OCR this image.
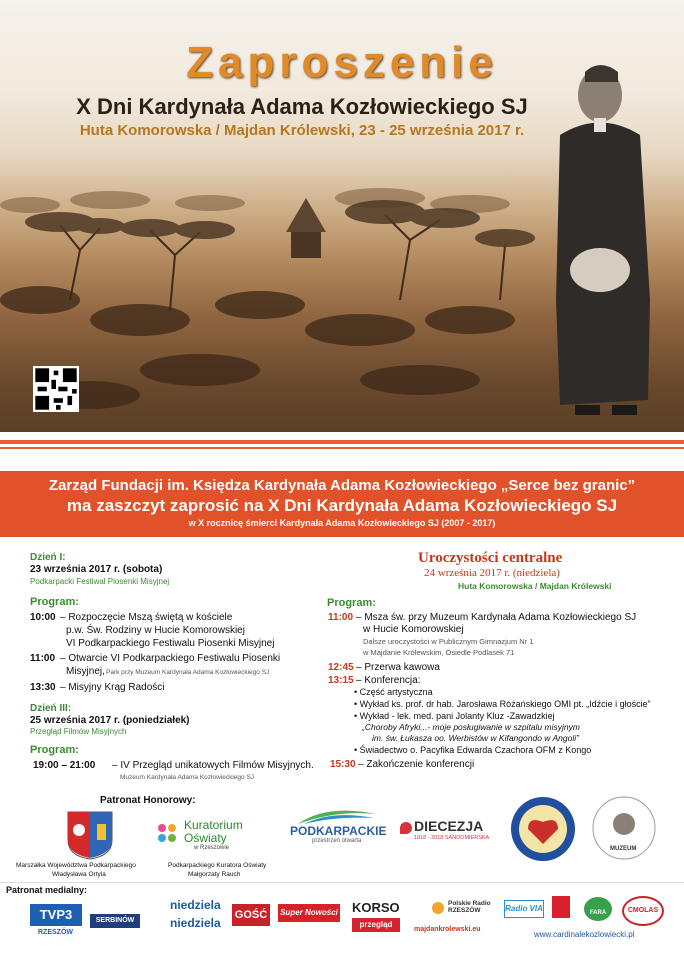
Zaproszenie
X Dni Kardynała Adama Kozłowieckiego SJ
Huta Komorowska / Majdan Królewski, 23 - 25 września 2017 r.
Zarząd Fundacji im. Księdza Kardynała Adama Kozłowieckiego „Serce bez granic”
ma zaszczyt zaprosić na X Dni Kardynała Adama Kozłowieckiego SJ
w X rocznicę śmierci Kardynała Adama Kozłowieckiego SJ (2007 - 2017)
Dzień I:
23 września 2017 r. (sobota)
Podkarpacki Festiwal Piosenki Misyjnej
Program:
10:00 – Rozpoczęcie Mszą świętą w kościele
p.w. Św. Rodziny w Hucie Komorowskiej
VI Podkarpackiego Festiwalu Piosenki Misyjnej
11:00 – Otwarcie VI Podkarpackiego Festiwalu Piosenki
Misyjnej, Park przy Muzeum Kardynała Adama Kozłowieckiego SJ
13:30 – Misyjny Krąg Radości
Dzień III:
25 września 2017 r. (poniedziałek)
Przegląd Filmów Misyjnych
Program:
19:00 – 21:00 – IV Przegląd unikatowych Filmów Misyjnych.
Muzeum Kardynała Adama Kozłowieckiego SJ
Uroczystości centralne
24 września 2017 r. (niedziela)
Huta Komorowska / Majdan Królewski
Program:
11:00 – Msza św. przy Muzeum Kardynała Adama Kozłowieckiego SJ
w Hucie Komorowskiej
Dalsze uroczystości w Publicznym Gimnazjum Nr 1
w Majdanie Królewskim, Osiedle Podlasek 71
12:45 – Przerwa kawowa
13:15 – Konferencja:
• Część artystyczna
• Wykład ks. prof. dr hab. Jarosława Różańskiego OMI pt. „Idźcie i głoście”
• Wykład - lek. med. pani Jolanty Kluz -Zawadzkiej
„Choroby Afryki...- moje posługiwanie w szpitalu misyjnym
im. św. Łukasza oo. Werbistów w Kifangondo w Angoli”
• Świadectwo o. Pacyfika Edwarda Czachora OFM z Kongo
15:30 – Zakończenie konferencji
Patronat Honorowy:
Marszałka Województwa Podkarpackiego
Władysława Ortyla
Kuratorium
Oświaty
w Rzeszowie
Podkarpackiego Kuratora Oświaty
Małgorzaty Rauch
PODKARPACKIE
przestrzeń otwarta
DIECEZJA
1818 - 2018 SANDOMIERSKA
MUZEUM
Patronat medialny:
TVP3
RZESZÓW
SERBINÓW
niedziela
niedziela
GOŚĆ	Super Nowości KORSO
przegląd
Polskie Radio RZESZÓW
majdankrolewski.eu
Radio VIA	FARA	CMOLAS
www.cardinalekozlowiecki.pl
